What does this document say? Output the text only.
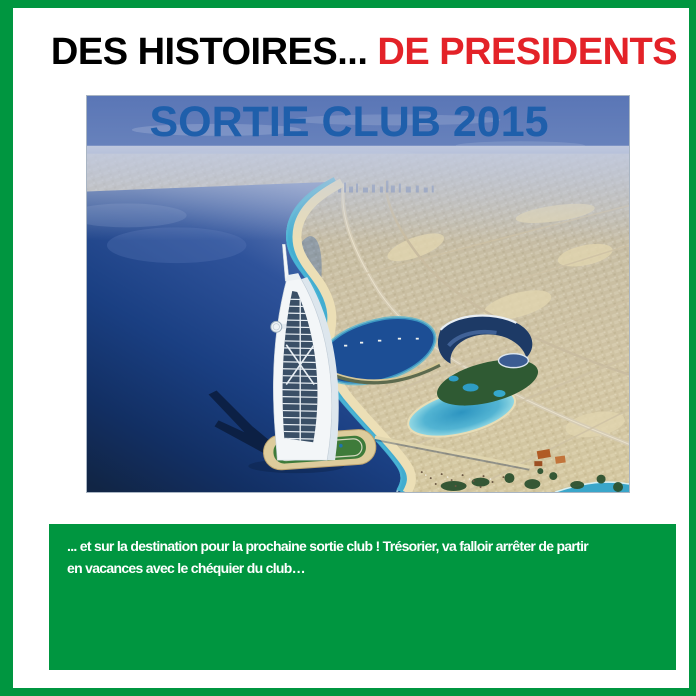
DES HISTOIRES... DE PRESIDENTS
SORTIE CLUB 2015

... et sur la destination pour la prochaine sortie club ! Trésorier, va falloir arrêter de partir

en vacances avec le chéquier du club…
